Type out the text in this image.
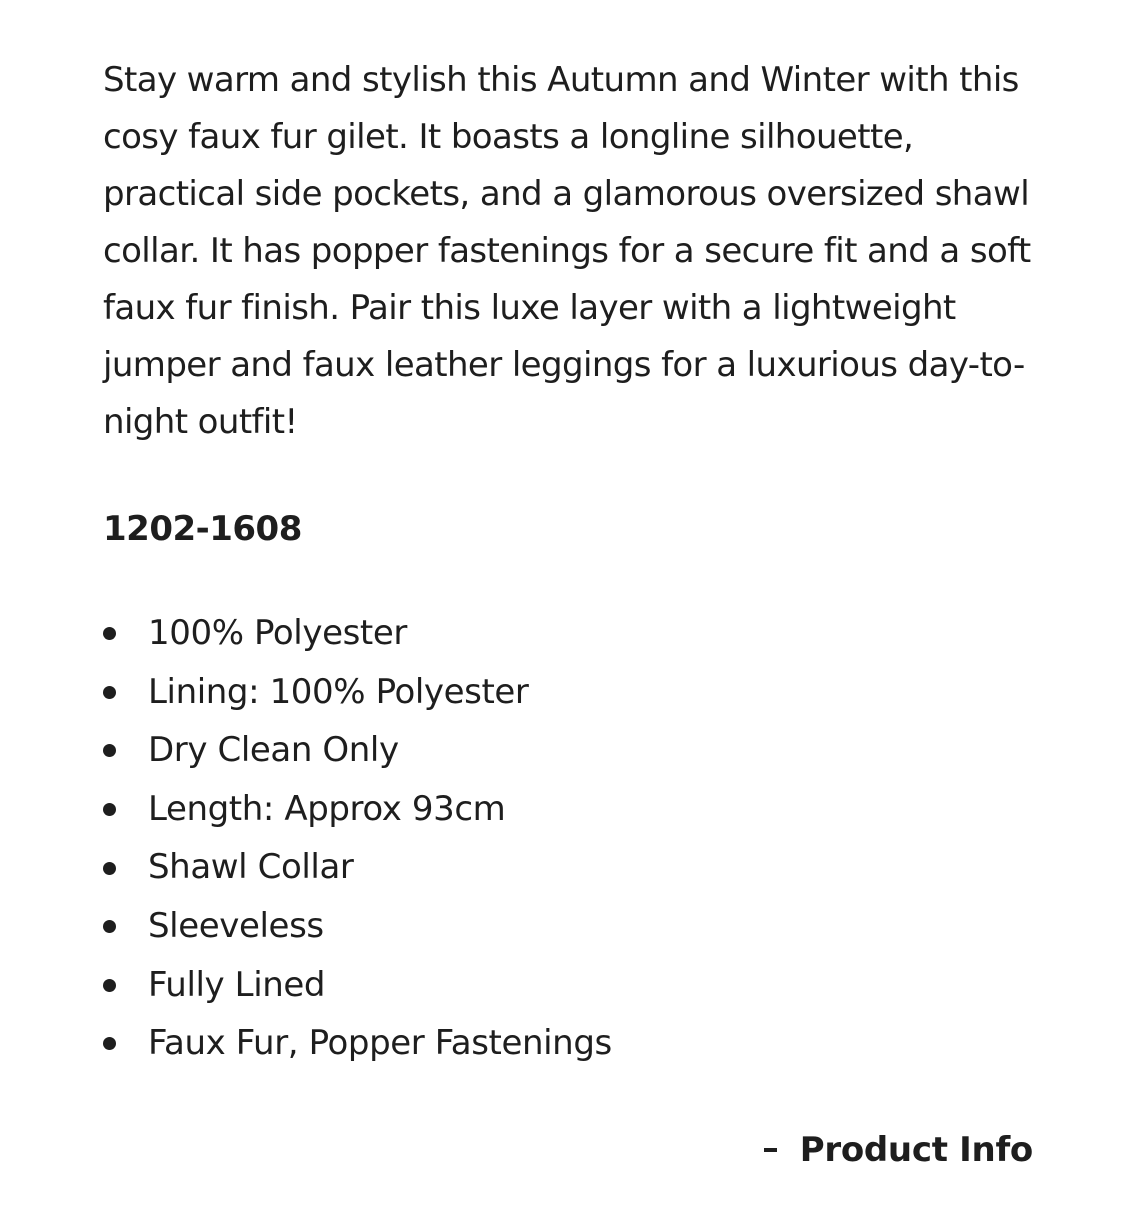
Stay warm and stylish this Autumn and Winter with this cosy faux fur gilet. It boasts a longline silhouette, practical side pockets, and a glamorous oversized shawl collar. It has popper fastenings for a secure fit and a soft faux fur finish. Pair this luxe layer with a lightweight jumper and faux leather leggings for a luxurious day-to-night outfit!

1202-1608

100% Polyester
Lining: 100% Polyester
Dry Clean Only
Length: Approx 93cm
Shawl Collar
Sleeveless
Fully Lined
Faux Fur, Popper Fastenings
Product Info
